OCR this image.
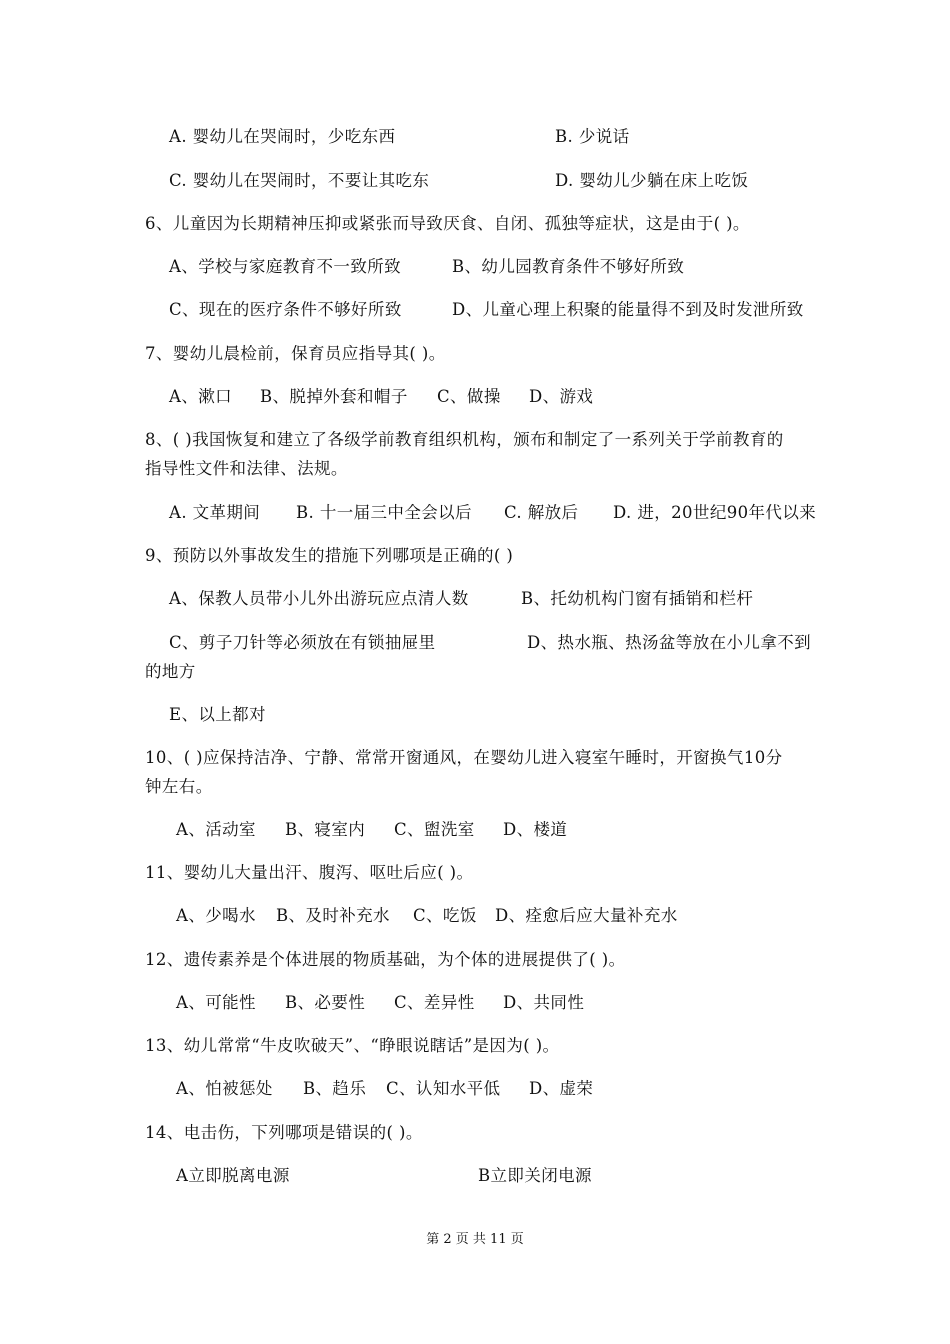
A. 婴幼儿在哭闹时，少吃东西	B. 少说话
C. 婴幼儿在哭闹时，不要让其吃东	D. 婴幼儿少躺在床上吃饭
6、儿童因为长期精神压抑或紧张而导致厌食、自闭、孤独等症状，这是由于( )。
A、学校与家庭教育不一致所致	B、幼儿园教育条件不够好所致
C、现在的医疗条件不够好所致	D、儿童心理上积聚的能量得不到及时发泄所致
7、婴幼儿晨检前，保育员应指导其( )。
A、漱口 B、脱掉外套和帽子 C、做操 D、游戏
8、( )我国恢复和建立了各级学前教育组织机构，颁布和制定了一系列关于学前教育的
指导性文件和法律、法规。
A. 文革期间 B. 十一届三中全会以后 C. 解放后 D. 进，20世纪90年代以来
9、预防以外事故发生的措施下列哪项是正确的( )
A、保教人员带小儿外出游玩应点清人数	B、托幼机构门窗有插销和栏杆
C、剪子刀针等必须放在有锁抽屉里	D、热水瓶、热汤盆等放在小儿拿不到
的地方
E、以上都对
10、( )应保持洁净、宁静、常常开窗通风，在婴幼儿进入寝室午睡时，开窗换气10分
钟左右。
A、活动室 B、寝室内 C、盥洗室 D、楼道
11、婴幼儿大量出汗、腹泻、呕吐后应( )。
A、少喝水 B、及时补充水 C、吃饭 D、痊愈后应大量补充水
12、遗传素养是个体进展的物质基础，为个体的进展提供了( )。
A、可能性 B、必要性 C、差异性 D、共同性
13、幼儿常常“牛皮吹破天”、“睁眼说瞎话”是因为( )。
A、怕被惩处 B、趋乐 C、认知水平低 D、虚荣
14、电击伤，下列哪项是错误的( )。
A立即脱离电源	B立即关闭电源
第 2 页 共 11 页
